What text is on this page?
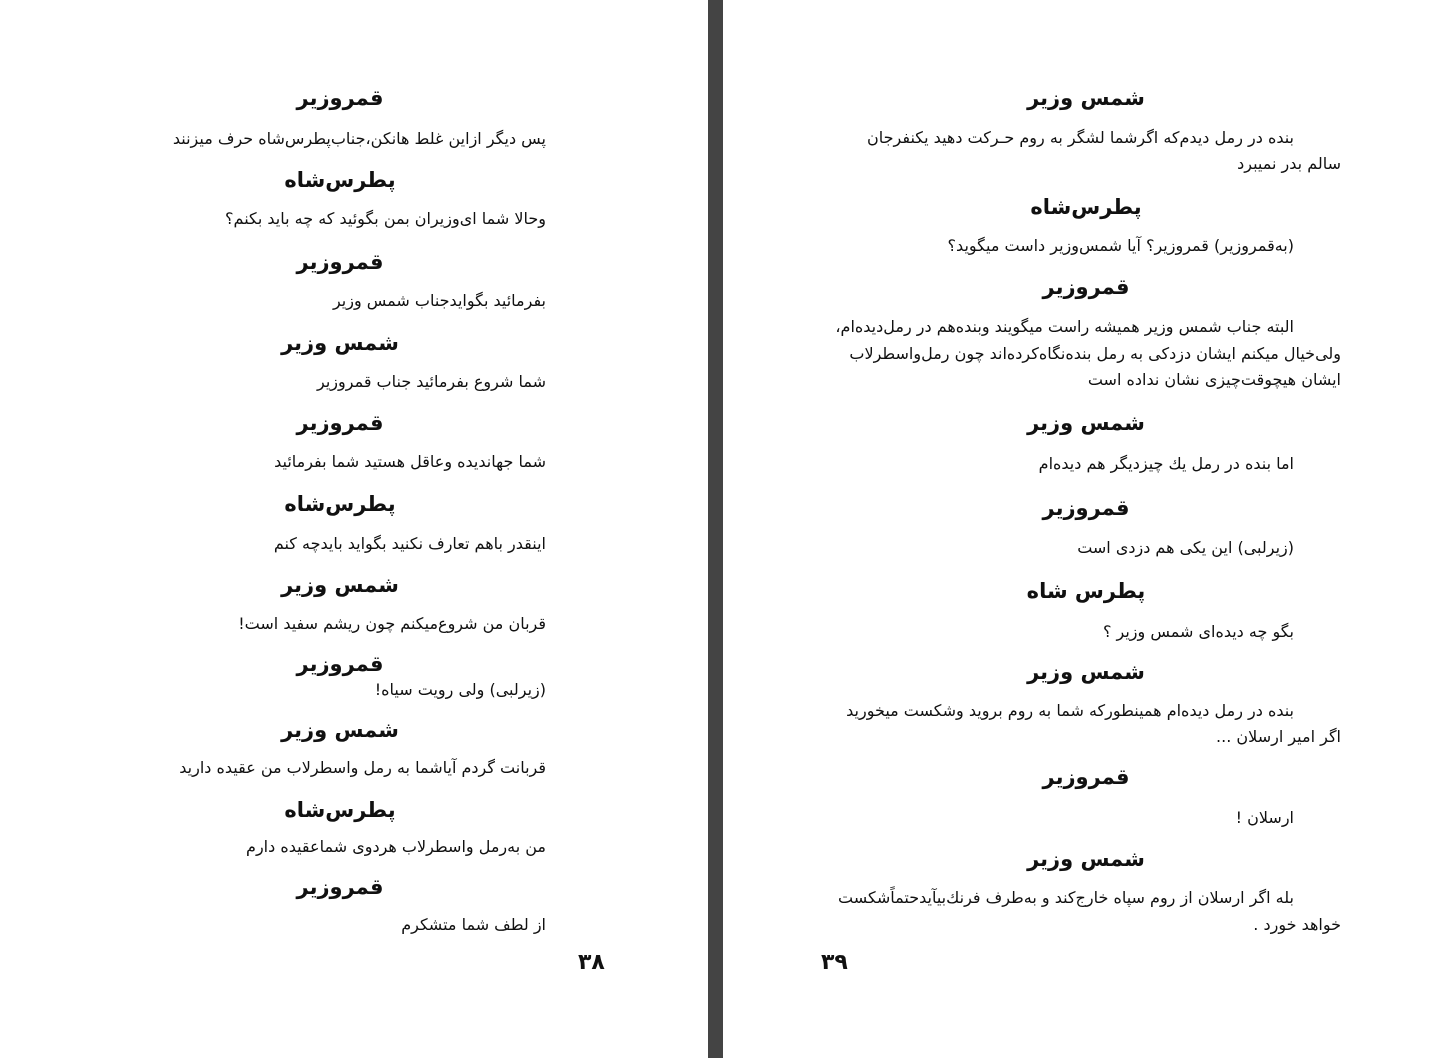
قمروزیر
پس دیگر ازاین غلط هانکن،جناب‌پطرس‌شاه حرف میزنند
پطرس‌شاه
وحالا شما ای‌وزیران بمن بگوئید که چه باید بکنم؟
قمروزیر
بفرمائید بگوایدجناب شمس وزیر
شمس وزیر
شما شروع بفرمائید جناب قمروزیر
قمروزیر
شما جهاندیده وعاقل هستید شما بفرمائید
پطرس‌شاه
اینقدر باهم تعارف نکنید بگواید بایدچه کنم
شمس وزیر
قربان من شروع‌میکنم چون ریشم سفید است!
قمروزیر
(زیرلبی) ولی رویت سیاه!
شمس وزیر
قربانت گردم آیاشما به رمل واسطرلاب من عقیده دارید
پطرس‌شاه
من به‌رمل واسطرلاب هردوی شماعقیده دارم
قمروزیر
از لطف شما متشکرم
۳۸
شمس وزیر
بنده در رمل دیدم‌که اگرشما لشگر به روم حـرکت دهید یکنفرجان
سالم بدر نمیبرد
پطرس‌شاه
(به‌قمروزیر) قمروزیر؟ آیا شمس‌وزیر داست میگوید؟
قمروزیر
البته جناب شمس وزیر همیشه راست میگویند وبنده‌هم در رمل‌دیده‌ام،
ولی‌خیال میکنم ایشان دزدکی به رمل بنده‌نگاه‌کرده‌اند چون رمل‌واسطرلاب
ایشان هیچوقت‌چیزی نشان نداده است
شمس وزیر
اما بنده در رمل یك چیزدیگر هم دیده‌ام
قمروزیر
(زیرلبی) این یکی هم دزدی است
پطرس شاه
بگو چه دیده‌ای شمس وزیر ؟
شمس وزیر
بنده در رمل دیده‌ام همینطورکه شما به روم بروید وشکست میخورید
اگر امیر ارسلان ...
قمروزیر
ارسلان !
شمس وزیر
بله اگر ارسلان از روم سپاه خارج‌کند و به‌طرف فرنك‌بیآید‌حتماً‌شکست
خواهد خورد .
۳۹
